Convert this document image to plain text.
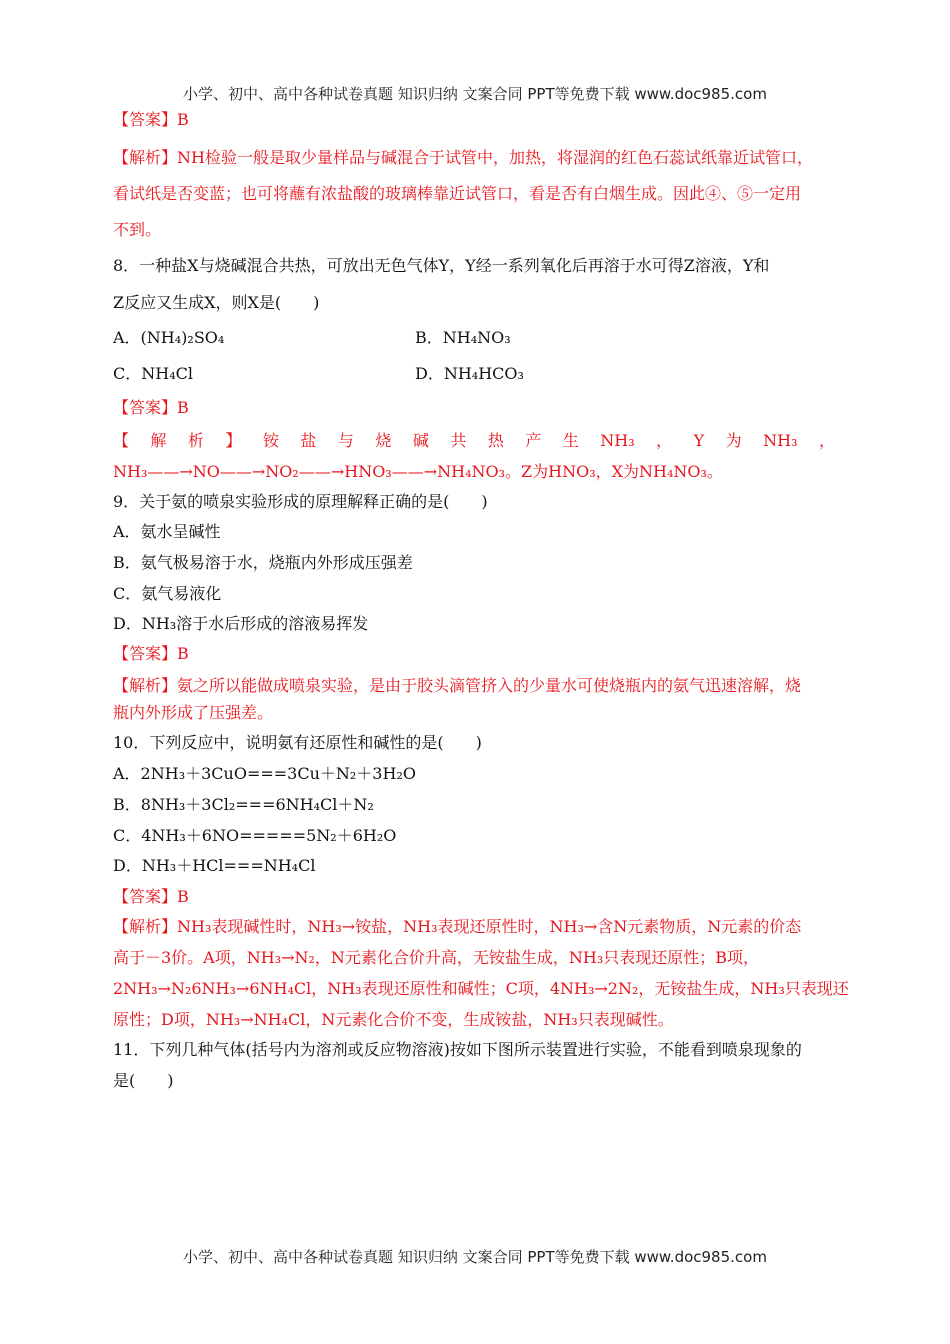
小学、初中、高中各种试卷真题 知识归纳 文案合同 PPT等免费下载 www.doc985.com
【答案】B
【解析】NH检验一般是取少量样品与碱混合于试管中，加热，将湿润的红色石蕊试纸靠近试管口，
看试纸是否变蓝；也可将蘸有浓盐酸的玻璃棒靠近试管口，看是否有白烟生成。因此④、⑤一定用
不到。
8．一种盐X与烧碱混合共热，可放出无色气体Y，Y经一系列氧化后再溶于水可得Z溶液，Y和
Z反应又生成X，则X是(　　)
A．(NH₄)₂SO₄	B．NH₄NO₃
C．NH₄Cl	D．NH₄HCO₃
【答案】B
【 解 析 】 铵 盐 与 烧 碱 共 热 产 生 NH₃ ， Y 为 NH₃ ，
NH₃——→NO——→NO₂——→HNO₃——→NH₄NO₃。Z为HNO₃，X为NH₄NO₃。
9．关于氨的喷泉实验形成的原理解释正确的是(　　)
A．氨水呈碱性
B．氨气极易溶于水，烧瓶内外形成压强差
C．氨气易液化
D．NH₃溶于水后形成的溶液易挥发
【答案】B
【解析】氨之所以能做成喷泉实验，是由于胶头滴管挤入的少量水可使烧瓶内的氨气迅速溶解，烧
瓶内外形成了压强差。
10．下列反应中，说明氨有还原性和碱性的是(　　)
A．2NH₃＋3CuO===3Cu＋N₂＋3H₂O
B．8NH₃＋3Cl₂===6NH₄Cl＋N₂
C．4NH₃＋6NO=====5N₂＋6H₂O
D．NH₃＋HCl===NH₄Cl
【答案】B
【解析】NH₃表现碱性时，NH₃→铵盐，NH₃表现还原性时，NH₃→含N元素物质，N元素的价态
高于－3价。A项，NH₃→N₂，N元素化合价升高，无铵盐生成，NH₃只表现还原性；B项，
2NH₃→N₂6NH₃→6NH₄Cl，NH₃表现还原性和碱性；C项，4NH₃→2N₂，无铵盐生成，NH₃只表现还
原性；D项，NH₃→NH₄Cl，N元素化合价不变，生成铵盐，NH₃只表现碱性。
11．下列几种气体(括号内为溶剂或反应物溶液)按如下图所示装置进行实验，不能看到喷泉现象的
是(　　)
小学、初中、高中各种试卷真题 知识归纳 文案合同 PPT等免费下载 www.doc985.com
